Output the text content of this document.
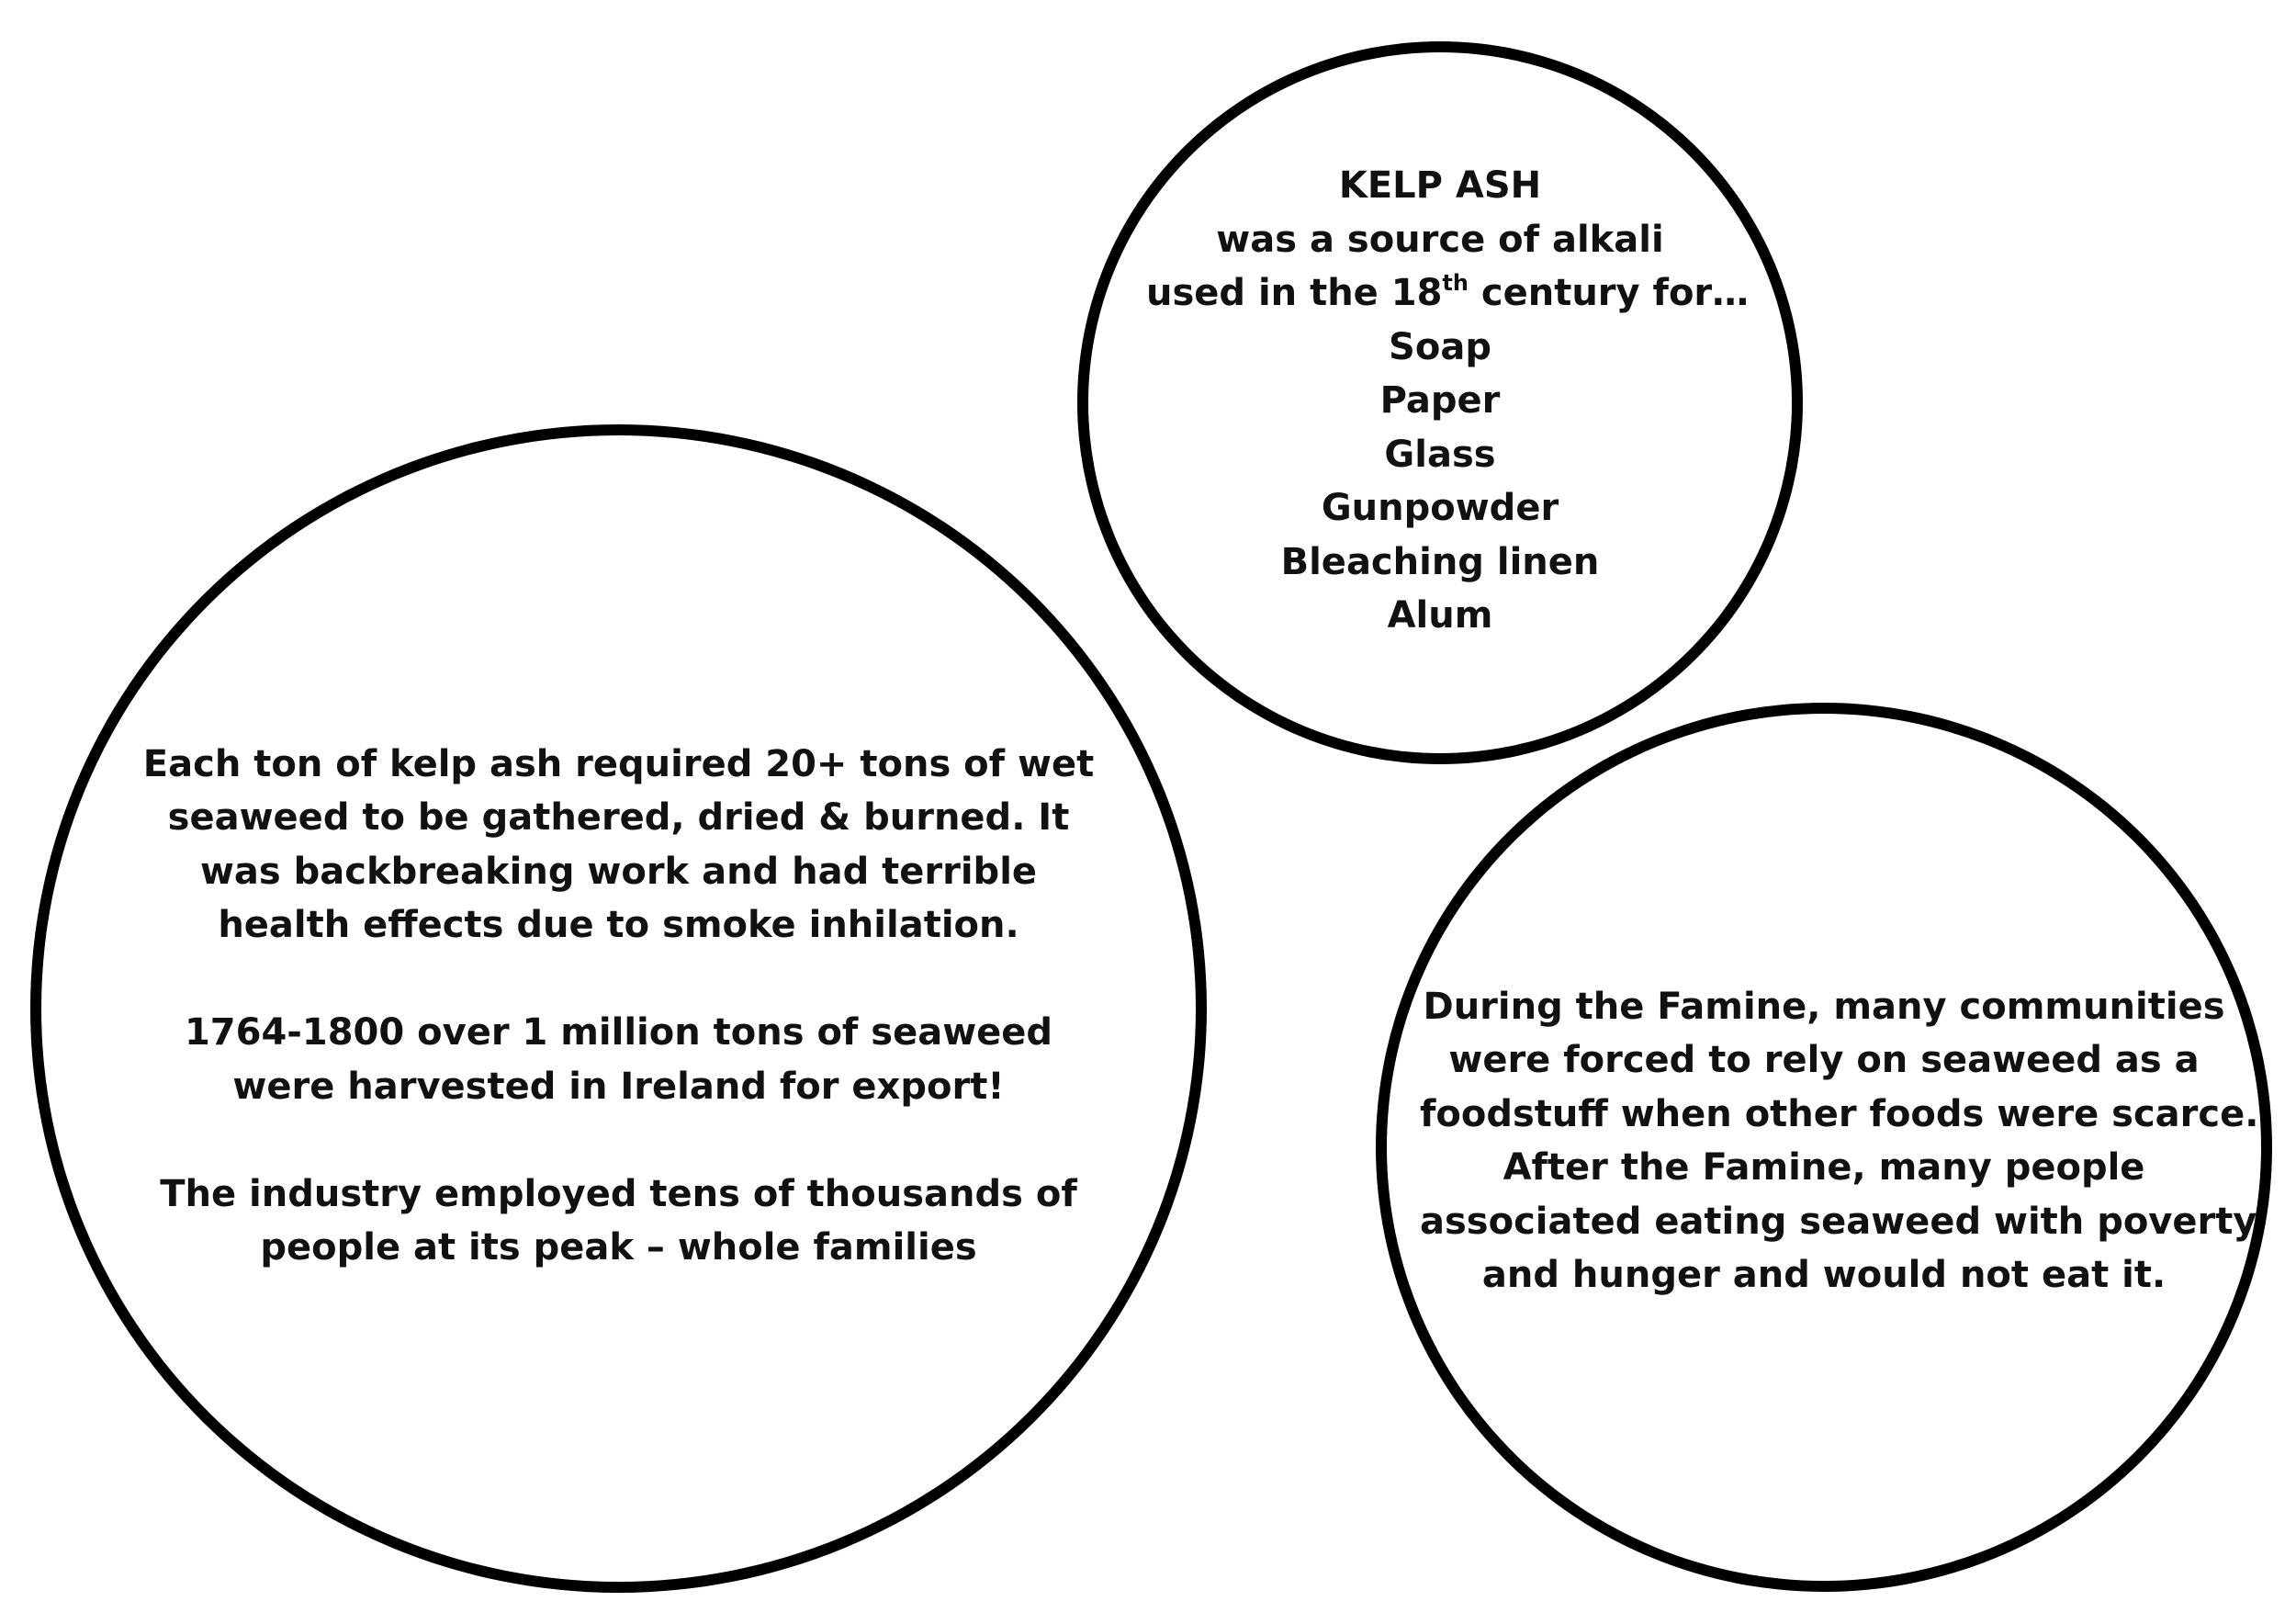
KELP ASH
was a source of alkali
used in the 18th century for…
Soap
Paper
Glass
Gunpowder
Bleaching linen
Alum
Each ton of kelp ash required 20+ tons of wet
seaweed to be gathered, dried & burned. It
was backbreaking work and had terrible
health effects due to smoke inhilation.
1764-1800 over 1 million tons of seaweed
were harvested in Ireland for export!
The industry employed tens of thousands of
people at its peak – whole families
During the Famine, many communities
were forced to rely on seaweed as a
foodstuff when other foods were scarce.
After the Famine, many people
associated eating seaweed with poverty
and hunger and would not eat it.
